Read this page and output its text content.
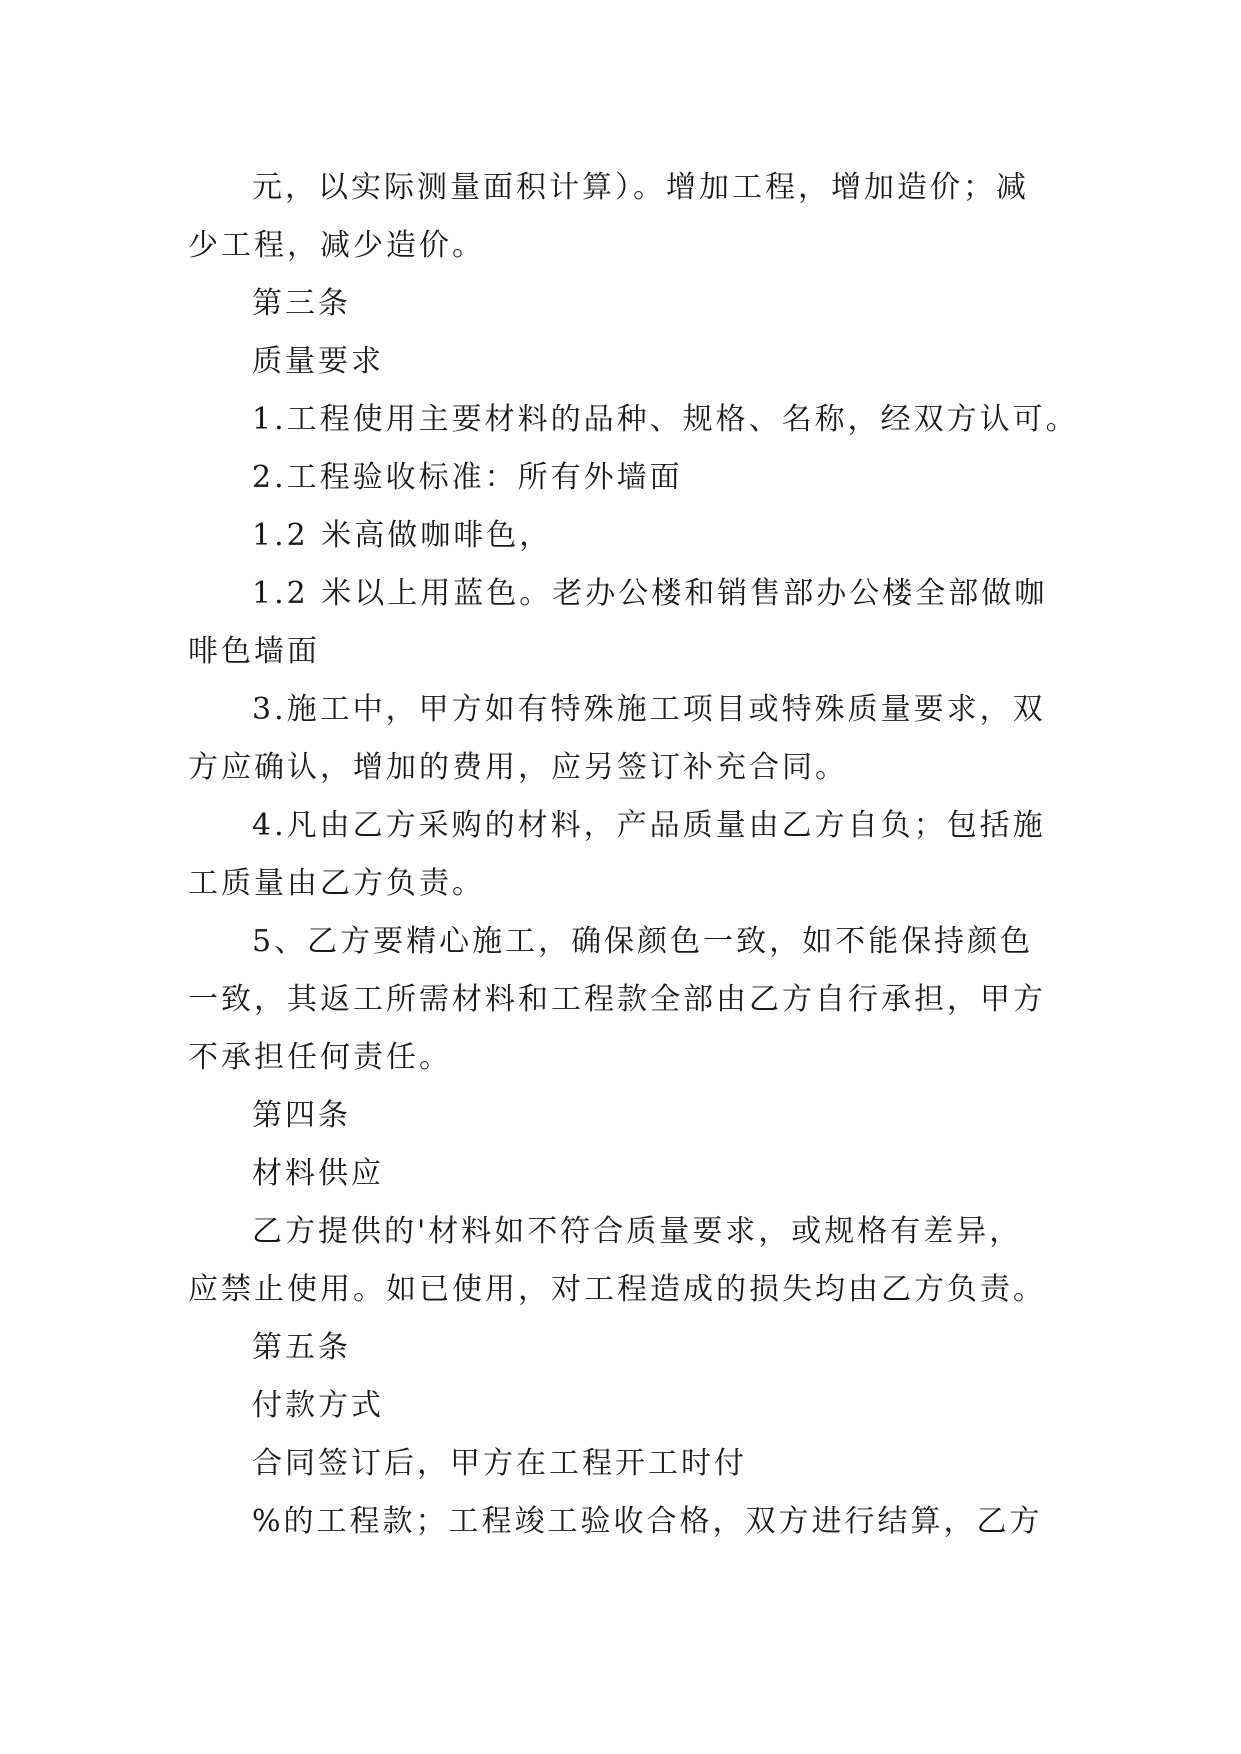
元，以实际测量面积计算）。增加工程，增加造价；减

少工程，减少造价。

第三条

质量要求

1.工程使用主要材料的品种、规格、名称，经双方认可。

2.工程验收标准：所有外墙面

1.2 米高做咖啡色，

1.2 米以上用蓝色。老办公楼和销售部办公楼全部做咖

啡色墙面

3.施工中，甲方如有特殊施工项目或特殊质量要求，双

方应确认，增加的费用，应另签订补充合同。

4.凡由乙方采购的材料，产品质量由乙方自负；包括施

工质量由乙方负责。

5、乙方要精心施工，确保颜色一致，如不能保持颜色

一致，其返工所需材料和工程款全部由乙方自行承担，甲方

不承担任何责任。

第四条

材料供应

乙方提供的'材料如不符合质量要求，或规格有差异，

应禁止使用。如已使用，对工程造成的损失均由乙方负责。

第五条

付款方式

合同签订后，甲方在工程开工时付

%的工程款；工程竣工验收合格，双方进行结算，乙方
